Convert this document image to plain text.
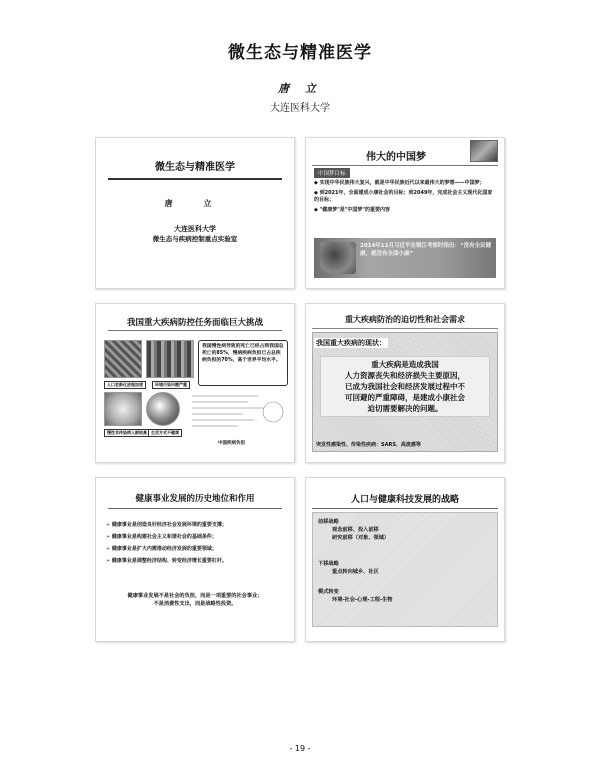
微生态与精准医学
唐 立
大连医科大学
微生态与精准医学
唐 立
大连医科大学
微生态与疾病控制重点实验室
伟大的中国梦
中国梦目标
◆ 实现中华民族伟大复兴，就是中华民族近代以来最伟大的梦想——中国梦；
◆ 到2021年，全面建成小康社会的目标；到2049年，完成社会主义现代化国家的目标；
◆ "健康梦"是"中国梦"的重要内容
2014年12月习近平在镇江考察时指出：“没有全民健康，就没有全面小康”
我国重大疾病防控任务面临巨大挑战
人口老龄化进程加速	环境污染问题严重
慢性非传染病人群较高	生活方式不健康
我国慢性病导致的死亡已经占到我国总死亡的85%，慢病疾病负担已占总疾病负担的70%，高于世界平均水平。
中国疾病负担
重大疾病防治的迫切性和社会需求
我国重大疾病的现状：
重大疾病是造成我国
人力资源丧失和经济损失主要原因，
已成为我国社会和经济发展过程中不
可回避的严重障碍，是建成小康社会
迫切需要解决的问题。
突发性感染性、传染性疾病：SARS、高流感等
健康事业发展的历史地位和作用
➢ 健康事业是创造良好经济社会发展环境的重要支撑；
➢ 健康事业是构建社会主义和谐社会的基础条件；
➢ 健康事业是扩大内需推动经济发展的重要领域；
➢ 健康事业是调整经济结构、转变经济增长重要杠杆。
健康事业发展不是社会的负担，而是一项重要的社会事业；
不是消费性支出，而是战略性投资。
人口与健康科技发展的战略
前移战略
观念前移、投入前移
研究前移（对象、领域）
下移战略
重点转向城乡、社区
模式转变
环境-社会-心理-工程-生物
- 19 -
